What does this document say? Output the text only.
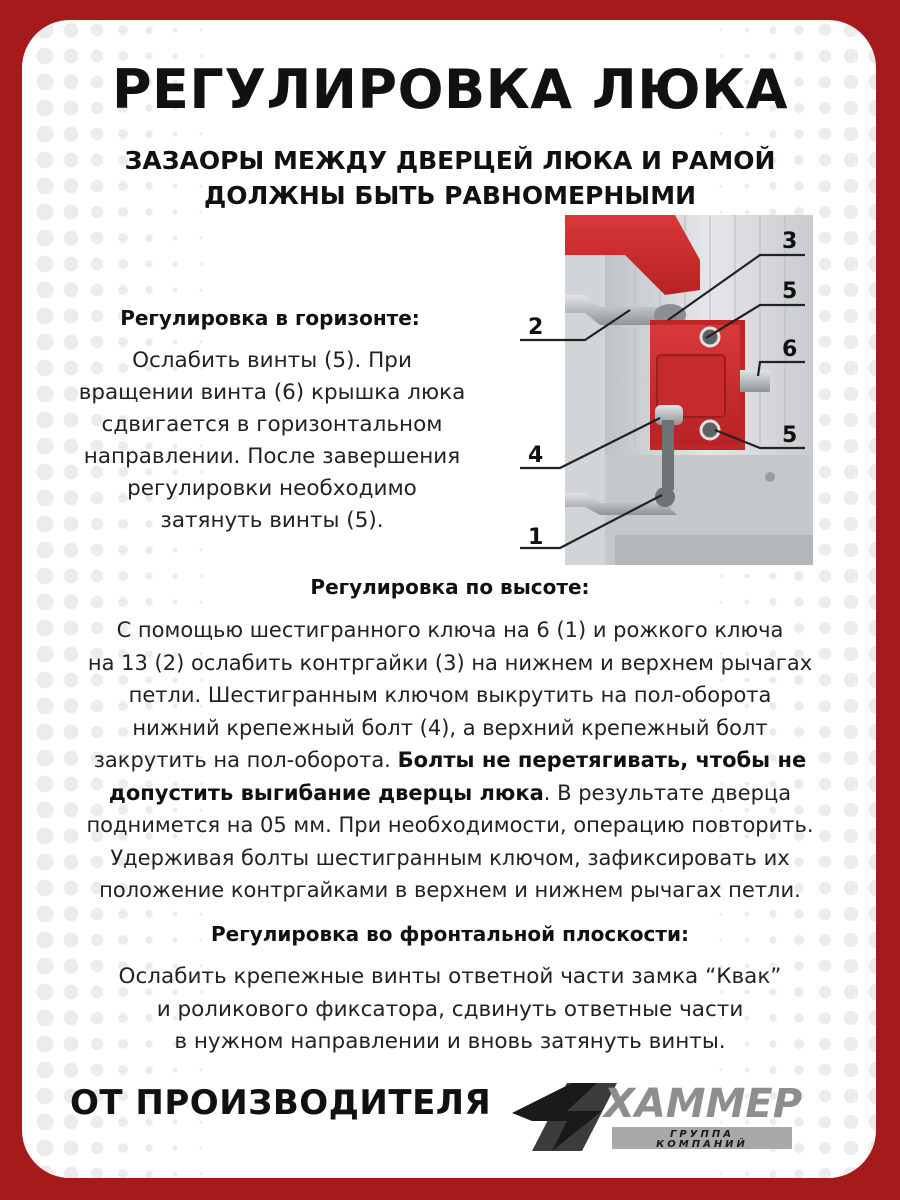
РЕГУЛИРОВКА ЛЮКА
ЗАЗАОРЫ МЕЖДУ ДВЕРЦЕЙ ЛЮКА И РАМОЙ
ДОЛЖНЫ БЫТЬ РАВНОМЕРНЫМИ
Регулировка в горизонте:
Ослабить винты (5). При
вращении винта (6) крышка люка
сдвигается в горизонтальном
направлении. После завершения
регулировки необходимо
затянуть винты (5).
2
3
5
6
5
4
1
Регулировка по высоте:
С помощью шестигранного ключа на 6 (1) и рожкого ключа
на 13 (2) ослабить контргайки (3) на нижнем и верхнем рычагах
петли. Шестигранным ключом выкрутить на пол-оборота
нижний крепежный болт (4), а верхний крепежный болт
закрутить на пол-оборота. Болты не перетягивать, чтобы не
допустить выгибание дверцы люка. В результате дверца
поднимется на 05 мм. При необходимости, операцию повторить.
Удерживая болты шестигранным ключом, зафиксировать их
положение контргайками в верхнем и нижнем рычагах петли.
Регулировка во фронтальной плоскости:
Ослабить крепежные винты ответной части замка “Квак”
и роликового фиксатора, сдвинуть ответные части
в нужном направлении и вновь затянуть винты.
ОТ ПРОИЗВОДИТЕЛЯ	ХАММЕР
ГРУППА
КОМПАНИЙ
